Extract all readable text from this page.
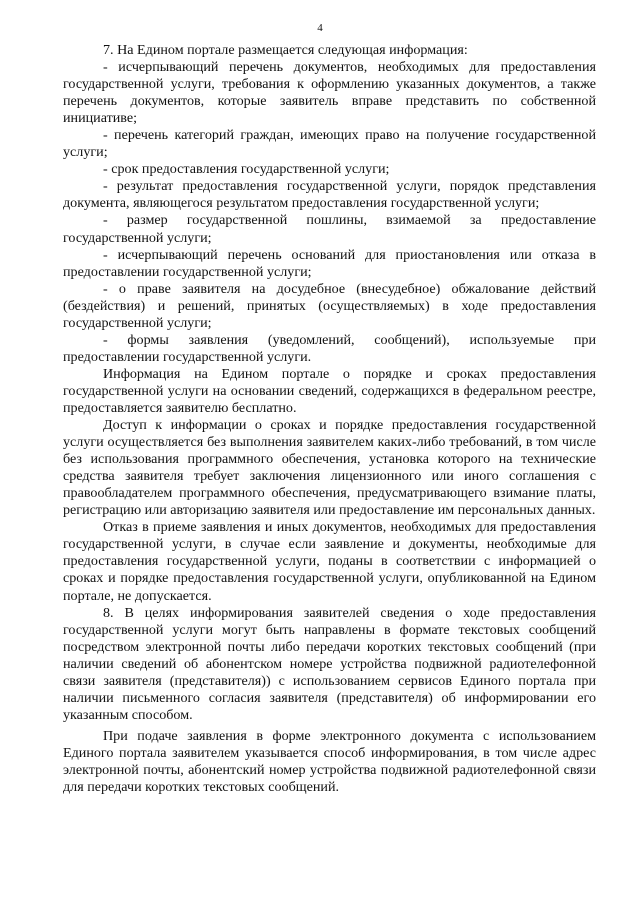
4

7. На Едином портале размещается следующая информация:

- исчерпывающий перечень документов, необходимых для предоставления государственной услуги, требования к оформлению указанных документов, а также перечень документов, которые заявитель вправе представить по собственной инициативе;

- перечень категорий граждан, имеющих право на получение государственной услуги;

- срок предоставления государственной услуги;

- результат предоставления государственной услуги, порядок представления документа, являющегося результатом предоставления государственной услуги;

- размер государственной пошлины, взимаемой за предоставление государственной услуги;

- исчерпывающий перечень оснований для приостановления или отказа в предоставлении государственной услуги;

- о праве заявителя на досудебное (внесудебное) обжалование действий (бездействия) и решений, принятых (осуществляемых) в ходе предоставления государственной услуги;

- формы заявления (уведомлений, сообщений), используемые при предоставлении государственной услуги.

Информация на Едином портале о порядке и сроках предоставления государственной услуги на основании сведений, содержащихся в федеральном реестре, предоставляется заявителю бесплатно.

Доступ к информации о сроках и порядке предоставления государственной услуги осуществляется без выполнения заявителем каких-либо требований, в том числе без использования программного обеспечения, установка которого на технические средства заявителя требует заключения лицензионного или иного соглашения с правообладателем программного обеспечения, предусматривающего взимание платы, регистрацию или авторизацию заявителя или предоставление им персональных данных.

Отказ в приеме заявления и иных документов, необходимых для предоставления государственной услуги, в случае если заявление и документы, необходимые для предоставления государственной услуги, поданы в соответствии с информацией о сроках и порядке предоставления государственной услуги, опубликованной на Едином портале, не допускается.

8. В целях информирования заявителей сведения о ходе предоставления государственной услуги могут быть направлены в формате текстовых сообщений посредством электронной почты либо передачи коротких текстовых сообщений (при наличии сведений об абонентском номере устройства подвижной радиотелефонной связи заявителя (представителя)) с использованием сервисов Единого портала при наличии письменного согласия заявителя (представителя) об информировании его указанным способом.

При подаче заявления в форме электронного документа с использованием Единого портала заявителем указывается способ информирования, в том числе адрес электронной почты, абонентский номер устройства подвижной радиотелефонной связи для передачи коротких текстовых сообщений.
